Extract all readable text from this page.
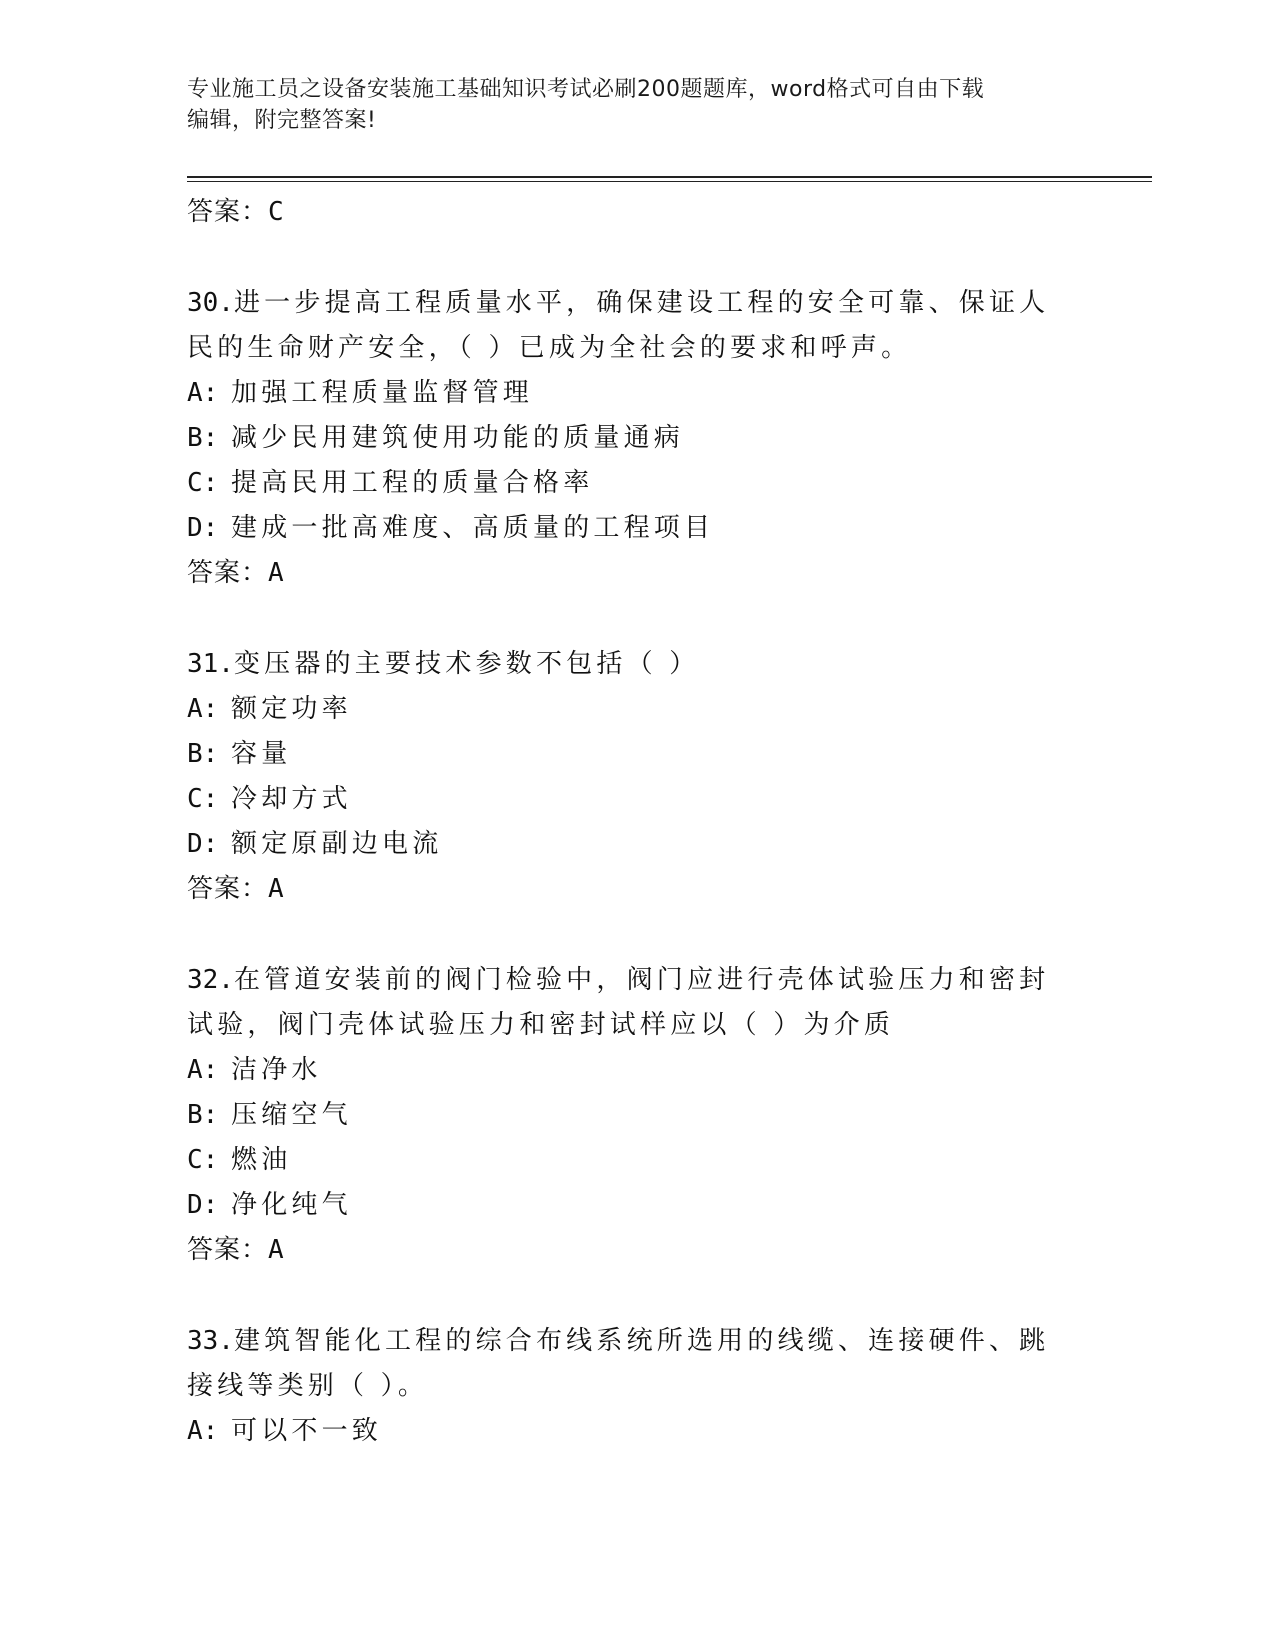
专业施工员之设备安装施工基础知识考试必刷200题题库，word格式可自由下载
编辑，附完整答案!
答案：C
30.进一步提高工程质量水平，确保建设工程的安全可靠、保证人民的生命财产安全，（ ）已成为全社会的要求和呼声。
A: 加强工程质量监督管理
B: 减少民用建筑使用功能的质量通病
C: 提高民用工程的质量合格率
D: 建成一批高难度、高质量的工程项目
答案：A
31.变压器的主要技术参数不包括（ ）
A: 额定功率
B: 容量
C: 冷却方式
D: 额定原副边电流
答案：A
32.在管道安装前的阀门检验中，阀门应进行壳体试验压力和密封试验，阀门壳体试验压力和密封试样应以（ ）为介质
A: 洁净水
B: 压缩空气
C: 燃油
D: 净化纯气
答案：A
33.建筑智能化工程的综合布线系统所选用的线缆、连接硬件、跳接线等类别（ ）。
A: 可以不一致
